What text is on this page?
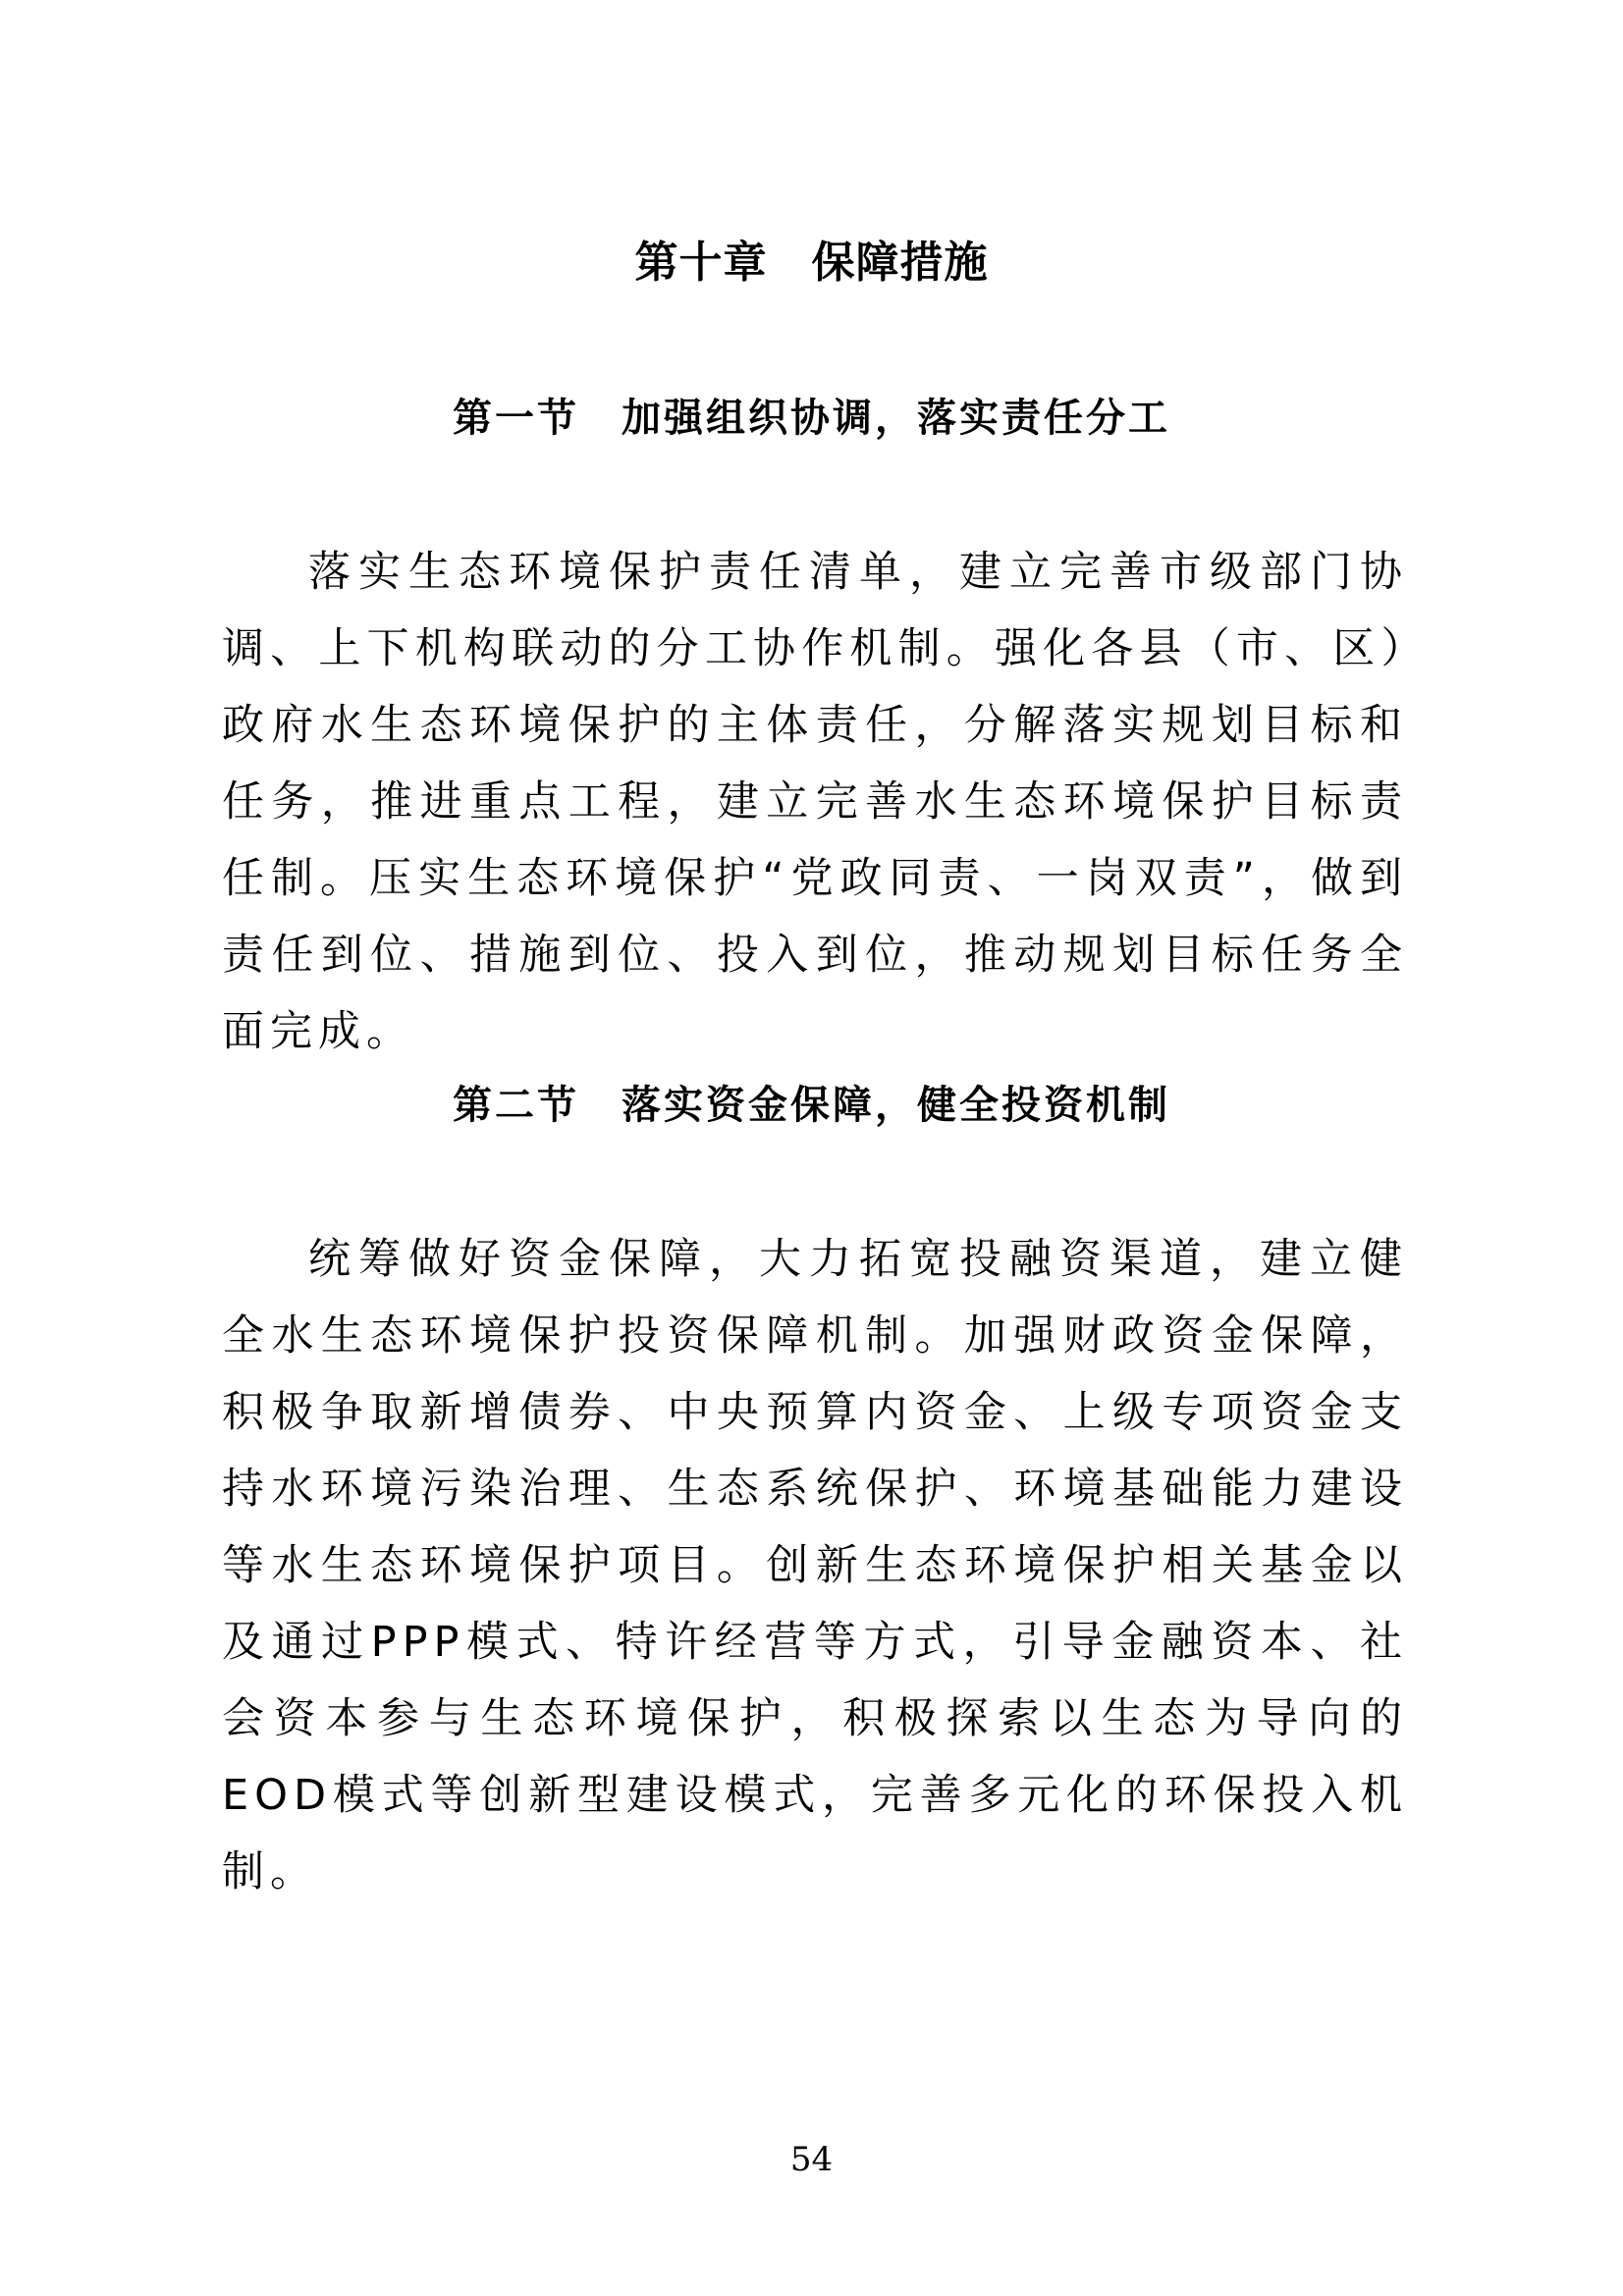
第十章　保障措施
第一节　加强组织协调，落实责任分工

落实生态环境保护责任清单，建立完善市级部门协调、上下机构联动的分工协作机制。强化各县（市、区）政府水生态环境保护的主体责任，分解落实规划目标和任务，推进重点工程，建立完善水生态环境保护目标责任制。压实生态环境保护“党政同责、一岗双责”，做到责任到位、措施到位、投入到位，推动规划目标任务全面完成。

第二节　落实资金保障，健全投资机制

统筹做好资金保障，大力拓宽投融资渠道，建立健全水生态环境保护投资保障机制。加强财政资金保障，积极争取新增债券、中央预算内资金、上级专项资金支持水环境污染治理、生态系统保护、环境基础能力建设等水生态环境保护项目。创新生态环境保护相关基金以及通过PPP模式、特许经营等方式，引导金融资本、社会资本参与生态环境保护，积极探索以生态为导向的EOD模式等创新型建设模式，完善多元化的环保投入机制。

54
